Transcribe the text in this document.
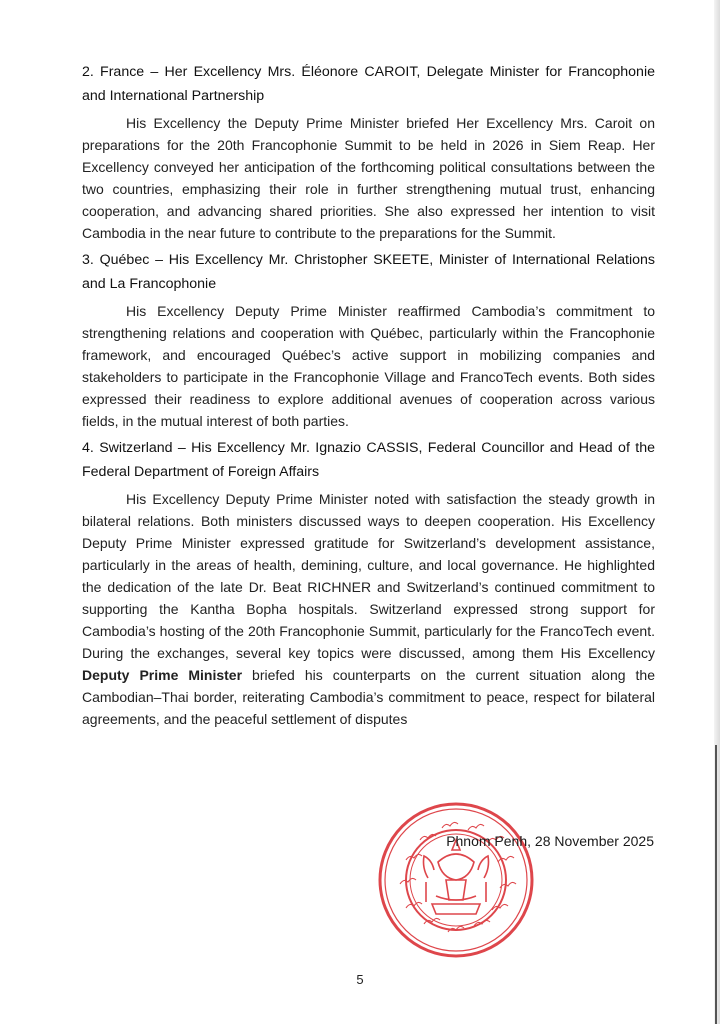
2. France – Her Excellency Mrs. Éléonore CAROIT, Delegate Minister for Francophonie and International Partnership

His Excellency the Deputy Prime Minister briefed Her Excellency Mrs. Caroit on preparations for the 20th Francophonie Summit to be held in 2026 in Siem Reap. Her Excellency conveyed her anticipation of the forthcoming political consultations between the two countries, emphasizing their role in further strengthening mutual trust, enhancing cooperation, and advancing shared priorities. She also expressed her intention to visit Cambodia in the near future to contribute to the preparations for the Summit.

3. Québec – His Excellency Mr. Christopher SKEETE, Minister of International Relations and La Francophonie

His Excellency Deputy Prime Minister reaffirmed Cambodia’s commitment to strengthening relations and cooperation with Québec, particularly within the Francophonie framework, and encouraged Québec’s active support in mobilizing companies and stakeholders to participate in the Francophonie Village and FrancoTech events. Both sides expressed their readiness to explore additional avenues of cooperation across various fields, in the mutual interest of both parties.

4. Switzerland – His Excellency Mr. Ignazio CASSIS, Federal Councillor and Head of the Federal Department of Foreign Affairs

His Excellency Deputy Prime Minister noted with satisfaction the steady growth in bilateral relations. Both ministers discussed ways to deepen cooperation. His Excellency Deputy Prime Minister expressed gratitude for Switzerland’s development assistance, particularly in the areas of health, demining, culture, and local governance. He highlighted the dedication of the late Dr. Beat RICHNER and Switzerland’s continued commitment to supporting the Kantha Bopha hospitals. Switzerland expressed strong support for Cambodia’s hosting of the 20th Francophonie Summit, particularly for the FrancoTech event. During the exchanges, several key topics were discussed, among them His Excellency Deputy Prime Minister briefed his counterparts on the current situation along the Cambodian–Thai border, reiterating Cambodia’s commitment to peace, respect for bilateral agreements, and the peaceful settlement of disputes

Phnom Penh, 28 November 2025
5
